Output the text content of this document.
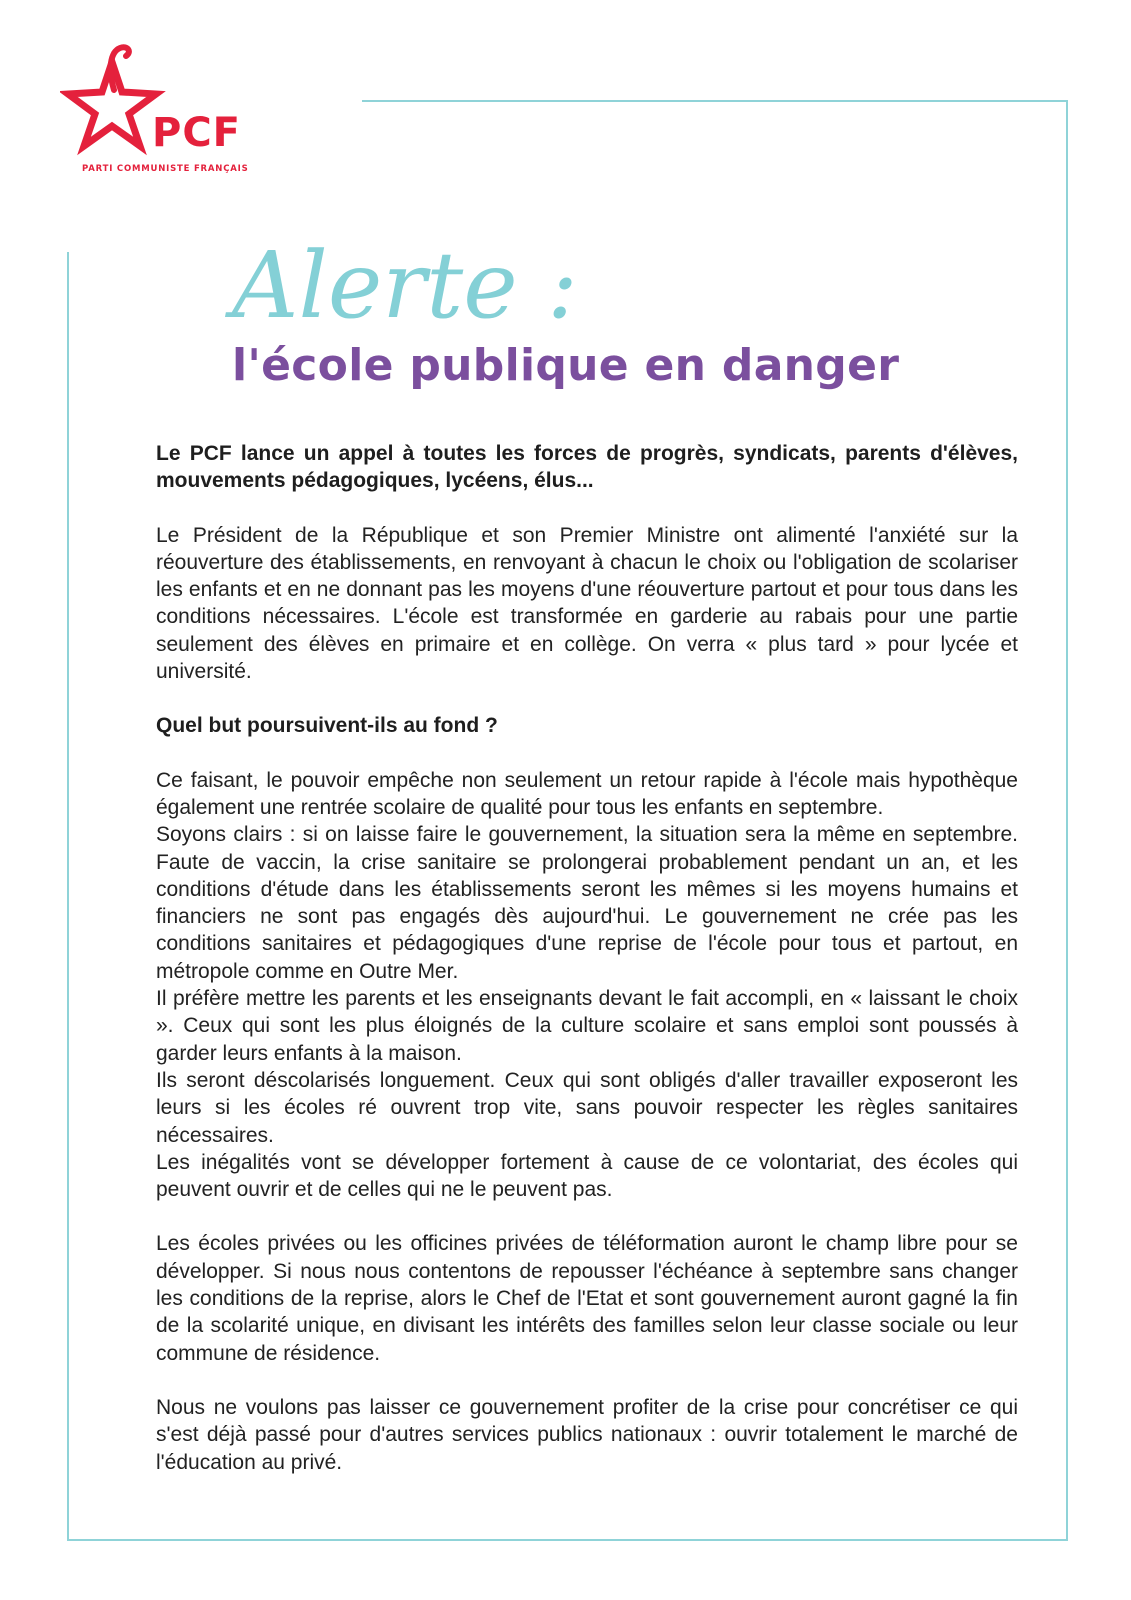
PCF
PARTI COMMUNISTE FRANÇAIS
Alerte :
l'école publique en danger

Le PCF lance un appel à toutes les forces de progrès, syndicats, parents d'élèves, mouvements pédagogiques, lycéens, élus...

Le Président de la République et son Premier Ministre ont alimenté l'anxiété sur la réouverture des établissements, en renvoyant à chacun le choix ou l'obligation de scolariser les enfants et en ne donnant pas les moyens d'une réouverture partout et pour tous dans les conditions nécessaires. L'école est transformée en garderie au rabais pour une partie seulement des élèves en primaire et en collège. On verra « plus tard » pour lycée et université.

Quel but poursuivent-ils au fond ?

Ce faisant, le pouvoir empêche non seulement un retour rapide à l'école mais hypothèque également une rentrée scolaire de qualité pour tous les enfants en septembre.

Soyons clairs : si on laisse faire le gouvernement, la situation sera la même en septembre. Faute de vaccin, la crise sanitaire se prolongerai probablement pendant un an, et les conditions d'étude dans les établissements seront les mêmes si les moyens humains et financiers ne sont pas engagés dès aujourd'hui. Le gouvernement ne crée pas les conditions sanitaires et pédagogiques d'une reprise de l'école pour tous et partout, en métropole comme en Outre Mer.

Il préfère mettre les parents et les enseignants devant le fait accompli, en « laissant le choix ». Ceux qui sont les plus éloignés de la culture scolaire et sans emploi sont poussés à garder leurs enfants à la maison.

Ils seront déscolarisés longuement. Ceux qui sont obligés d'aller travailler exposeront les leurs si les écoles ré ouvrent trop vite, sans pouvoir respecter les règles sanitaires nécessaires.

Les inégalités vont se développer fortement à cause de ce volontariat, des écoles qui peuvent ouvrir et de celles qui ne le peuvent pas.

Les écoles privées ou les officines privées de téléformation auront le champ libre pour se développer. Si nous nous contentons de repousser l'échéance à septembre sans changer les conditions de la reprise, alors le Chef de l'Etat et sont gouvernement auront gagné la fin de la scolarité unique, en divisant les intérêts des familles selon leur classe sociale ou leur commune de résidence.

Nous ne voulons pas laisser ce gouvernement profiter de la crise pour concrétiser ce qui s'est déjà passé pour d'autres services publics nationaux : ouvrir totalement le marché de l'éducation au privé.
